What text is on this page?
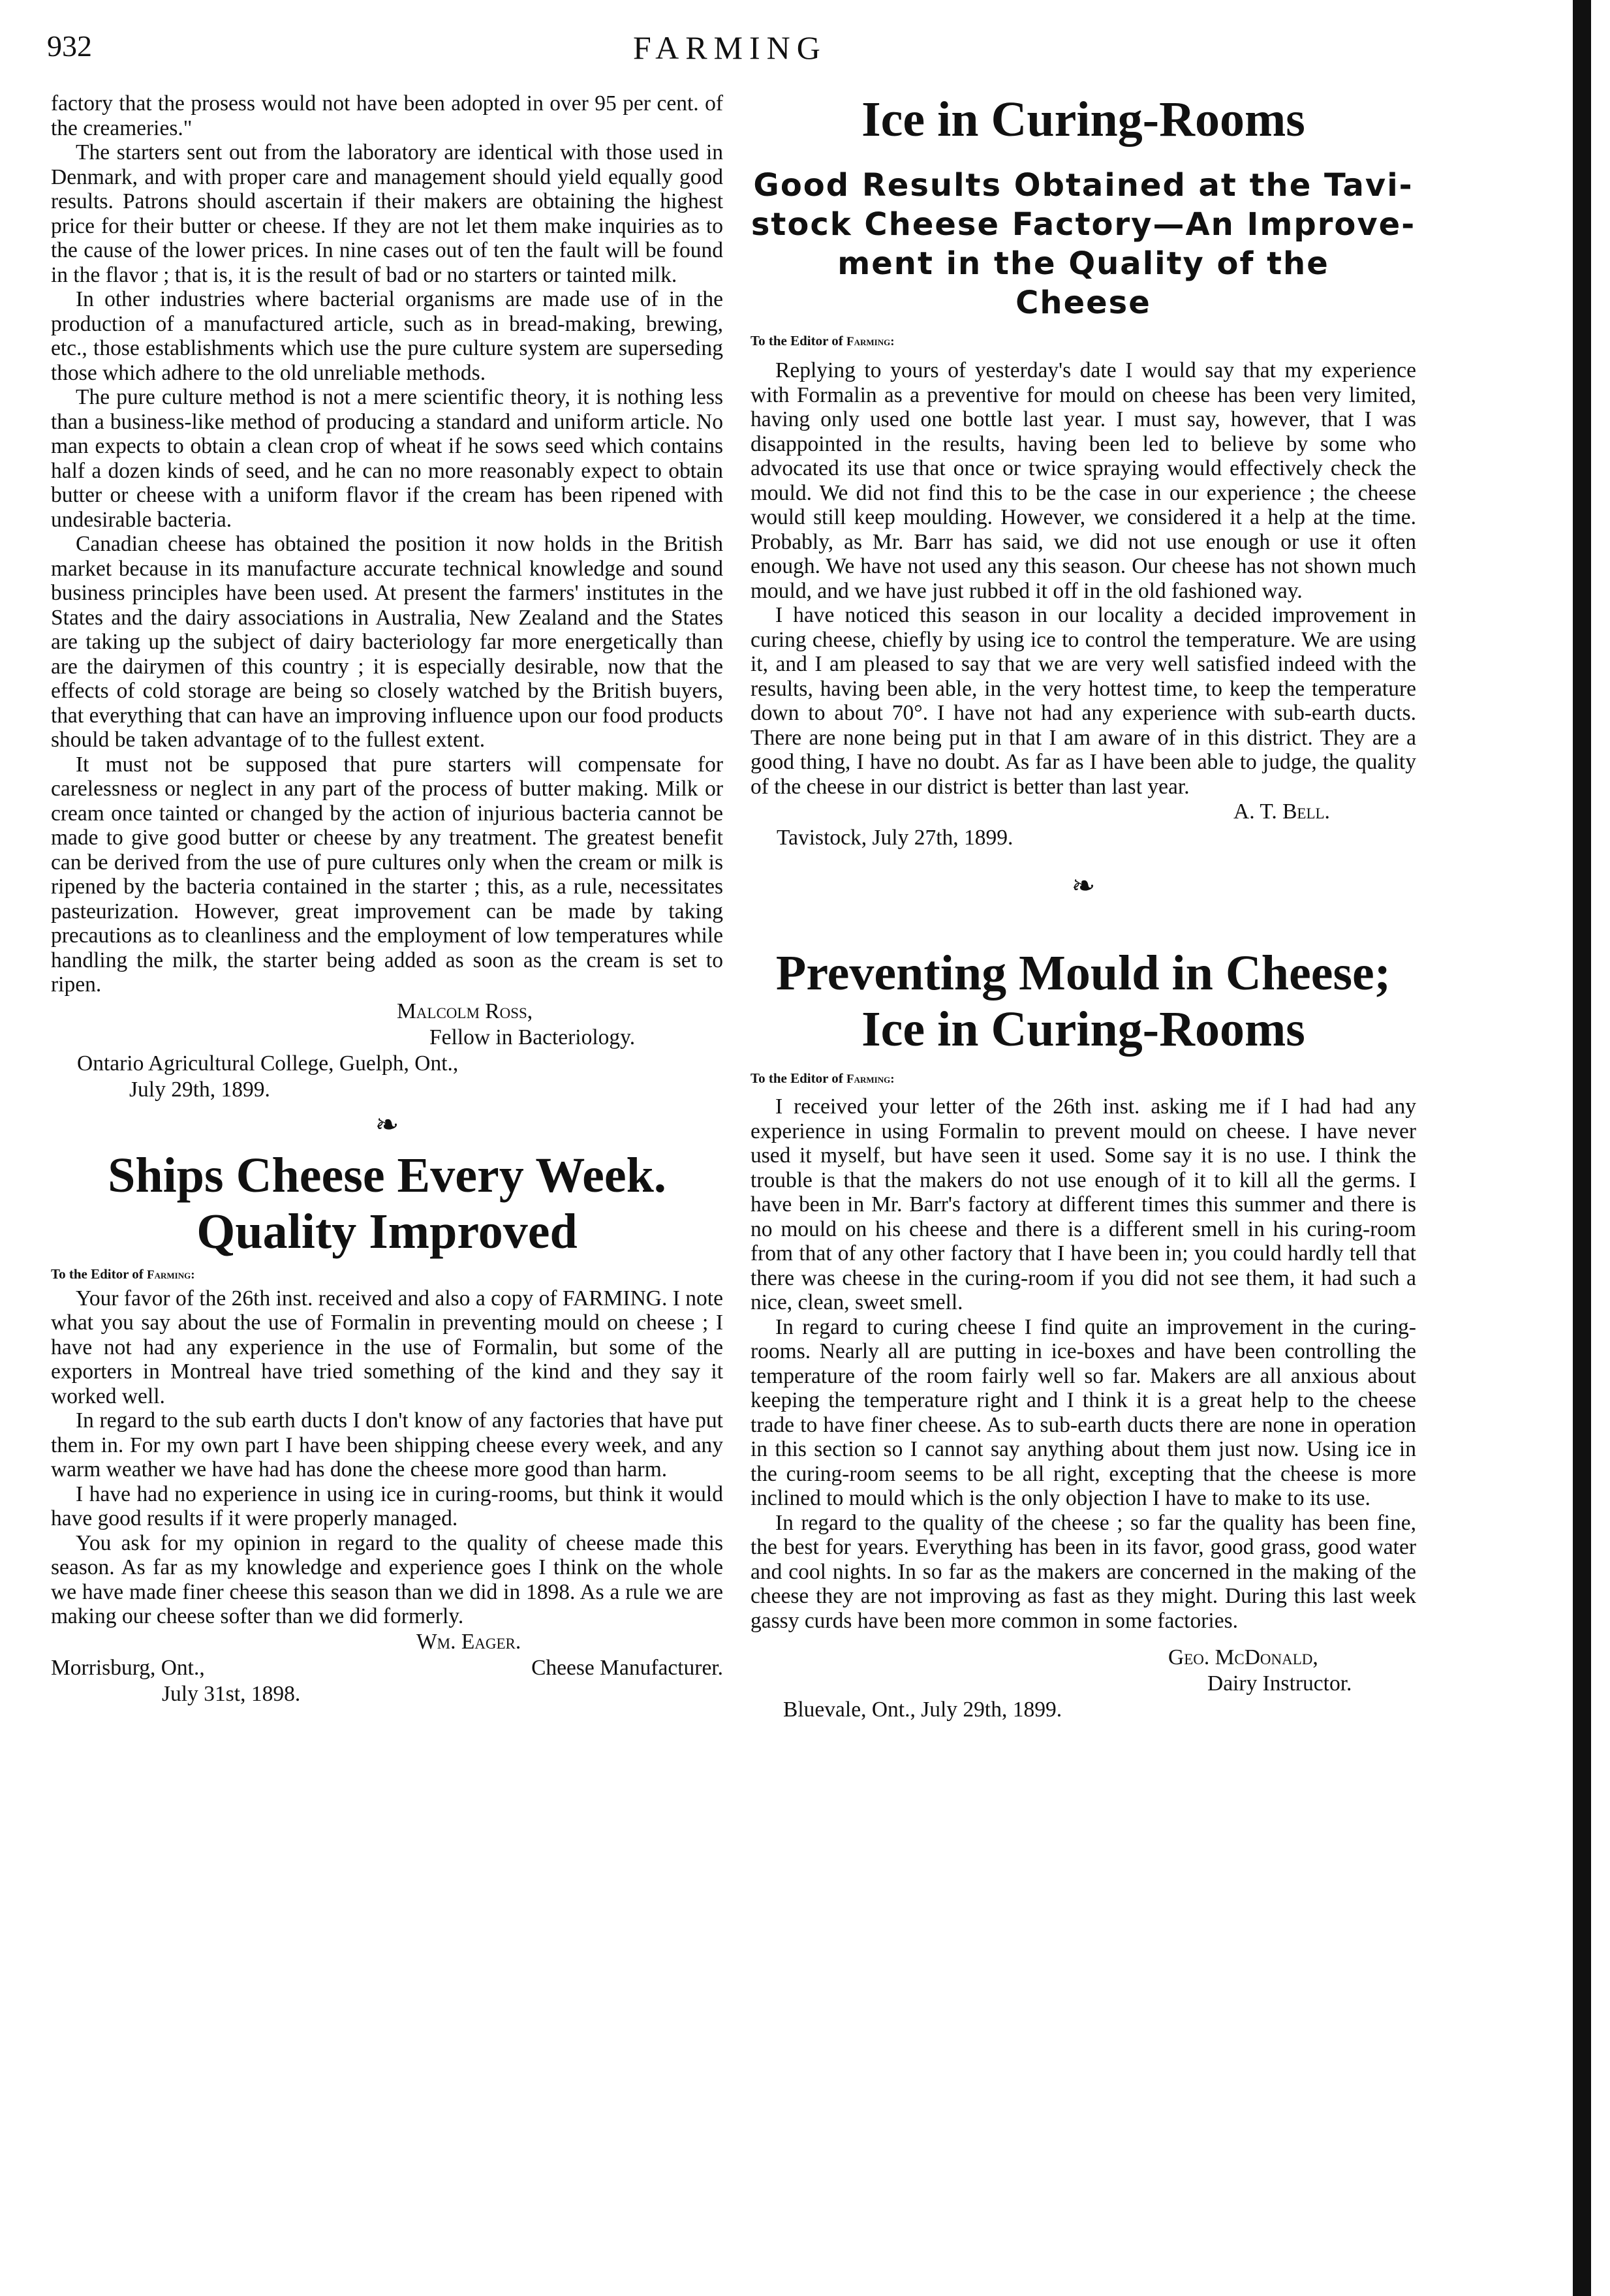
932	FARMING

factory that the prosess would not have been adopted in over 95 per cent. of the creameries."

The starters sent out from the laboratory are identical with those used in Denmark, and with proper care and management should yield equally good results. Patrons should ascertain if their makers are obtaining the highest price for their butter or cheese. If they are not let them make inquiries as to the cause of the lower prices. In nine cases out of ten the fault will be found in the flavor ; that is, it is the result of bad or no starters or tainted milk.

In other industries where bacterial organisms are made use of in the production of a manufactured article, such as in bread-making, brewing, etc., those establishments which use the pure culture system are superseding those which adhere to the old unreliable methods.

The pure culture method is not a mere scientific theory, it is nothing less than a business-like method of producing a standard and uniform article. No man expects to obtain a clean crop of wheat if he sows seed which contains half a dozen kinds of seed, and he can no more reasonably expect to obtain butter or cheese with a uniform flavor if the cream has been ripened with undesirable bacteria.

Canadian cheese has obtained the position it now holds in the British market because in its manufacture accurate technical knowledge and sound business principles have been used. At present the farmers' institutes in the States and the dairy associations in Australia, New Zealand and the States are taking up the subject of dairy bacteriology far more energetically than are the dairymen of this country ; it is especially desirable, now that the effects of cold storage are being so closely watched by the British buyers, that everything that can have an improving influence upon our food products should be taken advantage of to the fullest extent.

It must not be supposed that pure starters will compensate for carelessness or neglect in any part of the process of butter making. Milk or cream once tainted or changed by the action of injurious bacteria cannot be made to give good butter or cheese by any treatment. The greatest benefit can be derived from the use of pure cultures only when the cream or milk is ripened by the bacteria contained in the starter ; this, as a rule, necessitates pasteurization. However, great improvement can be made by taking precautions as to cleanliness and the employment of low temperatures while handling the milk, the starter being added as soon as the cream is set to ripen.

Malcolm Ross,

Fellow in Bacteriology.

Ontario Agricultural College, Guelph, Ont.,

July 29th, 1899.

❧
Ships Cheese Every Week.
Quality Improved
To the Editor of Farming:

Your favor of the 26th inst. received and also a copy of FARMING. I note what you say about the use of Formalin in preventing mould on cheese ; I have not had any experience in the use of Formalin, but some of the exporters in Montreal have tried something of the kind and they say it worked well.

In regard to the sub earth ducts I don't know of any factories that have put them in. For my own part I have been shipping cheese every week, and any warm weather we have had has done the cheese more good than harm.

I have had no experience in using ice in curing-rooms, but think it would have good results if it were properly managed.

You ask for my opinion in regard to the quality of cheese made this season. As far as my knowledge and experience goes I think on the whole we have made finer cheese this season than we did in 1898. As a rule we are making our cheese softer than we did formerly.

Wm. Eager.

Morrisburg, Ont.,	Cheese Manufacturer.

July 31st, 1898.

Ice in Curing-Rooms

Good Results Obtained at the Tavi-

stock Cheese Factory—An Improve-

ment in the Quality of the

Cheese

To the Editor of Farming:

Replying to yours of yesterday's date I would say that my experience with Formalin as a preventive for mould on cheese has been very limited, having only used one bottle last year. I must say, however, that I was disappointed in the results, having been led to believe by some who advocated its use that once or twice spraying would effectively check the mould. We did not find this to be the case in our experience ; the cheese would still keep moulding. However, we considered it a help at the time. Probably, as Mr. Barr has said, we did not use enough or use it often enough. We have not used any this season. Our cheese has not shown much mould, and we have just rubbed it off in the old fashioned way.

I have noticed this season in our locality a decided improvement in curing cheese, chiefly by using ice to control the temperature. We are using it, and I am pleased to say that we are very well satisfied indeed with the results, having been able, in the very hottest time, to keep the temperature down to about 70°. I have not had any experience with sub-earth ducts. There are none being put in that I am aware of in this district. They are a good thing, I have no doubt. As far as I have been able to judge, the quality of the cheese in our district is better than last year.

A. T. Bell.

Tavistock, July 27th, 1899.

❧
Preventing Mould in Cheese;
Ice in Curing-Rooms
To the Editor of Farming:

I received your letter of the 26th inst. asking me if I had had any experience in using Formalin to prevent mould on cheese. I have never used it myself, but have seen it used. Some say it is no use. I think the trouble is that the makers do not use enough of it to kill all the germs. I have been in Mr. Barr's factory at different times this summer and there is no mould on his cheese and there is a different smell in his curing-room from that of any other factory that I have been in; you could hardly tell that there was cheese in the curing-room if you did not see them, it had such a nice, clean, sweet smell.

In regard to curing cheese I find quite an improvement in the curing-rooms. Nearly all are putting in ice-boxes and have been controlling the temperature of the room fairly well so far. Makers are all anxious about keeping the temperature right and I think it is a great help to the cheese trade to have finer cheese. As to sub-earth ducts there are none in operation in this section so I cannot say anything about them just now. Using ice in the curing-room seems to be all right, excepting that the cheese is more inclined to mould which is the only objection I have to make to its use.

In regard to the quality of the cheese ; so far the quality has been fine, the best for years. Everything has been in its favor, good grass, good water and cool nights. In so far as the makers are concerned in the making of the cheese they are not improving as fast as they might. During this last week gassy curds have been more common in some factories.

Geo. McDonald,

Dairy Instructor.

Bluevale, Ont., July 29th, 1899.
